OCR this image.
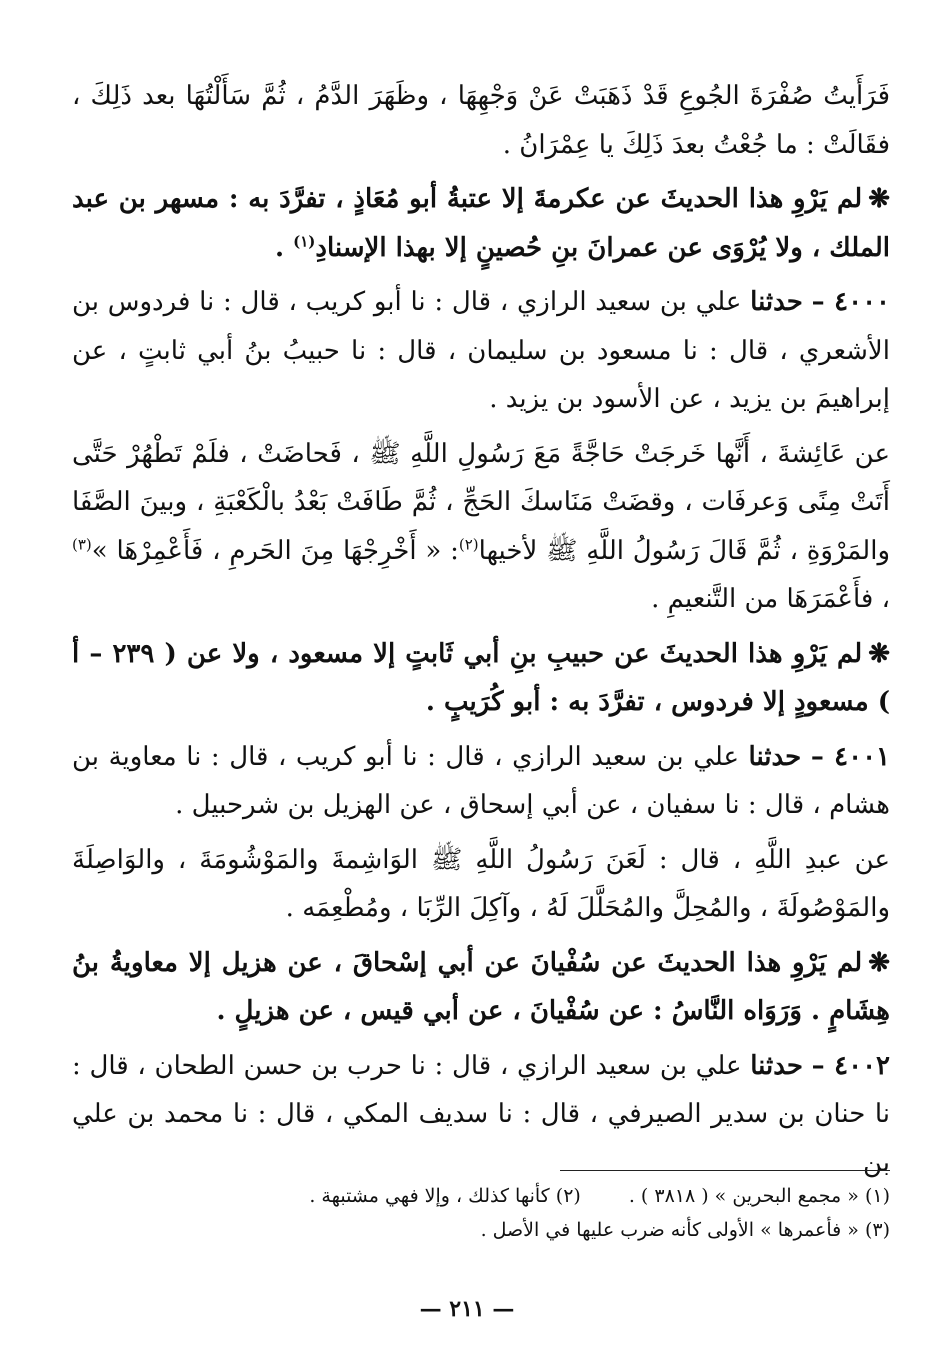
فَرَأَيتُ صُفْرَةَ الجُوعِ قَدْ ذَهَبَتْ عَنْ وَجْهِهَا ، وظَهَرَ الدَّمُ ، ثُمَّ سَأَلْتُهَا بعد ذَلِكَ ، فقَالَتْ : ما جُعْتُ بعدَ ذَلِكَ يا عِمْرَانُ .

❋لم يَرْوِ هذا الحديثَ عن عكرمةَ إلا عتبةُ أبو مُعَاذٍ ، تفرَّدَ به : مسهر بن عبد الملك ، ولا يُرْوَى عن عمرانَ بنِ حُصينٍ إلا بهذا الإسنادِ$^{(١)}$ .

٤٠٠٠ – حدثنا علي بن سعيد الرازي ، قال : نا أبو كريب ، قال : نا فردوس بن الأشعري ، قال : نا مسعود بن سليمان ، قال : نا حبيبُ بنُ أبي ثابتٍ ، عن إبراهيمَ بن يزيد ، عن الأسود بن يزيد .

عن عَائِشةَ ، أَنَّها خَرجَتْ حَاجَّةً مَعَ رَسُولِ اللَّهِ ﷺ ، فَحاضَتْ ، فلَمْ تَطْهُرْ حَتَّى أَتَتْ مِنًى وَعرفَات ، وقضَتْ مَنَاسكَ الحَجِّ ، ثُمَّ طَافَتْ بَعْدُ بالْكَعْبَةِ ، وبينَ الصَّفَا والمَرْوَةِ ، ثُمَّ قَالَ رَسُولُ اللَّهِ ﷺ لأخيها$^{(٢)}$: « أَخْرِجْهَا مِنَ الحَرمِ ، فَأَعْمِرْهَا »$^{(٣)}$ ، فأَعْمَرَهَا من التَّنعيمِ .

❋لم يَرْوِ هذا الحديثَ عن حبيبِ بنِ أبي ثَابتٍ إلا مسعود ، ولا عن ( ٢٣٩ – أ ) مسعودٍ إلا فردوس ، تفرَّدَ به : أبو كُرَيبٍ .

٤٠٠١ – حدثنا علي بن سعيد الرازي ، قال : نا أبو كريب ، قال : نا معاوية بن هشام ، قال : نا سفيان ، عن أبي إسحاق ، عن الهزيل بن شرحبيل .

عن عبدِ اللَّهِ ، قال : لَعَنَ رَسُولُ اللَّهِ ﷺ الوَاشِمةَ والمَوْشُومَةَ ، والوَاصِلَةَ والمَوْصُولَةَ ، والمُحِلَّ والمُحَلَّلَ لَهُ ، وآكِلَ الرِّبَا ، ومُطْعِمَه .

❋لم يَرْوِ هذا الحديثَ عن سُفْيانَ عن أبي إسْحاقَ ، عن هزيل إلا معاويةُ بنُ هِشَامٍ . وَرَوَاه النَّاسُ : عن سُفْيانَ ، عن أبي قيس ، عن هزيلٍ .

٤٠٠٢ – حدثنا علي بن سعيد الرازي ، قال : نا حرب بن حسن الطحان ، قال : نا حنان بن سدير الصيرفي ، قال : نا سديف المكي ، قال : نا محمد بن علي بن

(١) « مجمع البحرين » ( ٣٨١٨ ) .
(٢) كأنها كذلك ، وإلا فهي مشتبهة .
(٣) « فأعمرها » الأولى كأنه ضرب عليها في الأصل .
— ٢١١ —
